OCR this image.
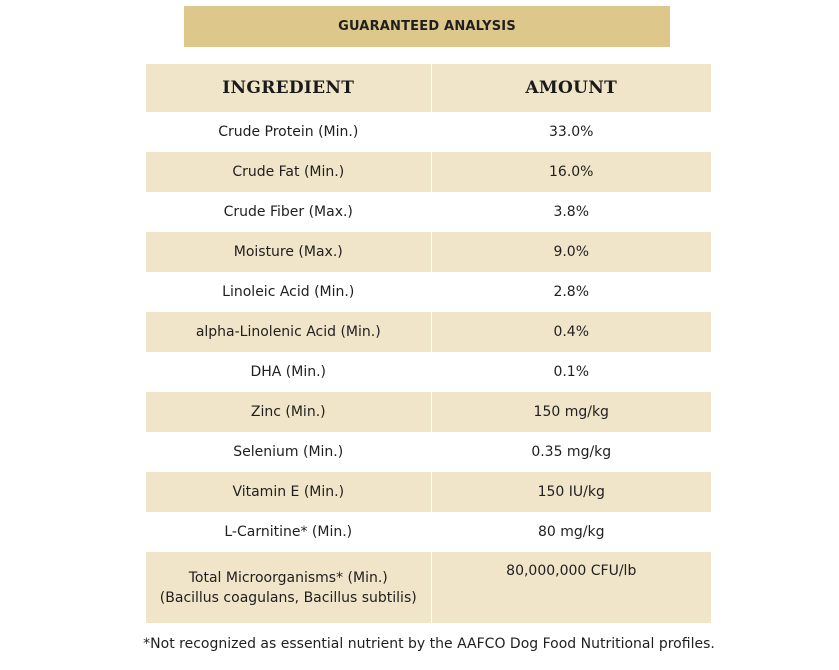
GUARANTEED ANALYSIS
INGREDIENT	AMOUNT
Crude Protein (Min.)	33.0%
Crude Fat (Min.)	16.0%
Crude Fiber (Max.)	3.8%
Moisture (Max.)	9.0%
Linoleic Acid (Min.)	2.8%
alpha-Linolenic Acid (Min.)	0.4%
DHA (Min.)	0.1%
Zinc (Min.)	150 mg/kg
Selenium (Min.)	0.35 mg/kg
Vitamin E (Min.)	150 IU/kg
L-Carnitine* (Min.)	80 mg/kg

Total Microorganisms* (Min.)
(Bacillus coagulans, Bacillus subtilis)	80,000,000 CFU/lb
*Not recognized as essential nutrient by the AAFCO Dog Food Nutritional profiles.
